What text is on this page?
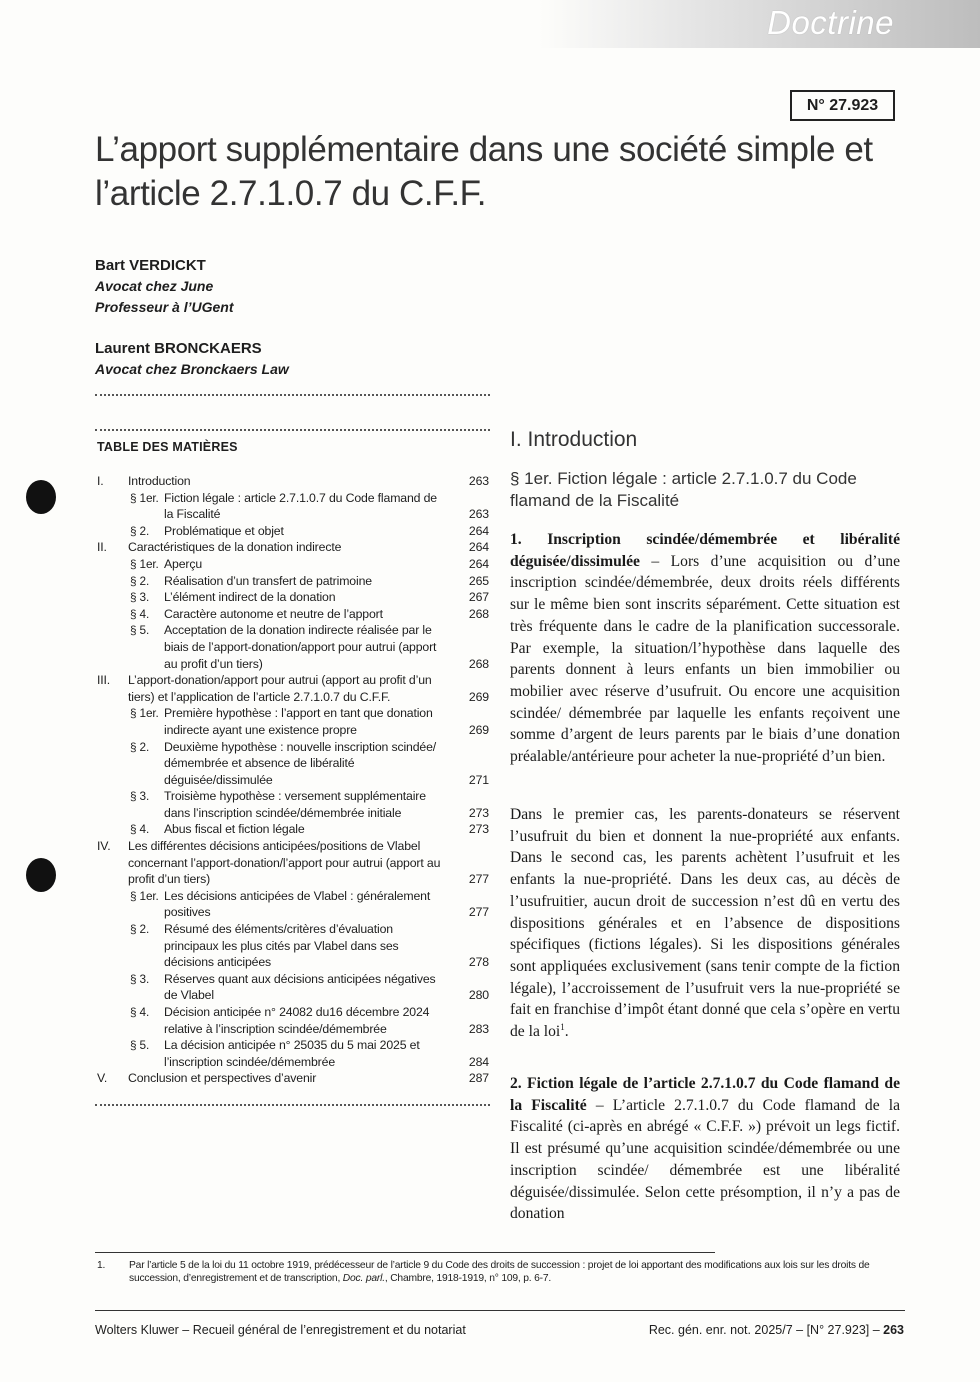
Doctrine
N° 27.923
L’apport supplémentaire dans une société simple et l’article 2.7.1.0.7 du C.F.F.
Bart VERDICKT
Avocat chez June
Professeur à l’UGent
Laurent BRONCKAERS
Avocat chez Bronckaers Law
TABLE DES MATIÈRES
I.	Introduction	263
§ 1er. Fiction légale : article 2.7.1.0.7 du Code flamand de la Fiscalité	263
§ 2.	Problématique et objet	264
II.	Caractéristiques de la donation indirecte	264
§ 1er. Aperçu	264
§ 2.	Réalisation d’un transfert de patrimoine	265
§ 3.	L’élément indirect de la donation	267
§ 4.	Caractère autonome et neutre de l’apport	268
§ 5.	Acceptation de la donation indirecte réalisée par le biais de l’apport-donation/apport pour autrui (apport au profit d’un tiers)	268
III.	L’apport-donation/apport pour autrui (apport au profit d’un tiers) et l’application de l’article 2.7.1.0.7 du C.F.F.	269
§ 1er. Première hypothèse : l’apport en tant que donation indirecte ayant une existence propre	269
§ 2.	Deuxième hypothèse : nouvelle inscription scindée/ démembrée et absence de libéralité déguisée/dissimulée	271
§ 3.	Troisième hypothèse : versement supplémentaire dans l’inscription scindée/démembrée initiale	273
§ 4.	Abus fiscal et fiction légale	273
IV.	Les différentes décisions anticipées/positions de Vlabel concernant l’apport-donation/l’apport pour autrui (apport au profit d’un tiers)	277
§ 1er. Les décisions anticipées de Vlabel : généralement positives	277
§ 2.	Résumé des éléments/critères d’évaluation principaux les plus cités par Vlabel dans ses décisions anticipées	278
§ 3.	Réserves quant aux décisions anticipées négatives de Vlabel	280
§ 4.	Décision anticipée n° 24082 du16 décembre 2024 relative à l’inscription scindée/démembrée	283
§ 5.	La décision anticipée n° 25035 du 5 mai 2025 et l’inscription scindée/démembrée	284
V.	Conclusion et perspectives d’avenir	287
I. Introduction
§ 1er. Fiction légale : article 2.7.1.0.7 du Code flamand de la Fiscalité

1. Inscription scindée/démembrée et libéralité déguisée/dissimulée – Lors d’une acquisition ou d’une inscription scindée/démembrée, deux droits réels différents sur le même bien sont inscrits séparément. Cette situation est très fréquente dans le cadre de la planification successorale. Par exemple, la situation/l’hypothèse dans laquelle des parents donnent à leurs enfants un bien immobilier ou mobilier avec réserve d’usufruit. Ou encore une acquisition scindée/ démembrée par laquelle les enfants reçoivent une somme d’argent de leurs parents par le biais d’une donation préalable/antérieure pour acheter la nue-propriété d’un bien.

Dans le premier cas, les parents-donateurs se réservent l’usufruit du bien et donnent la nue-propriété aux enfants. Dans le second cas, les parents achètent l’usufruit et les enfants la nue-propriété. Dans les deux cas, au décès de l’usufruitier, aucun droit de succession n’est dû en vertu des dispositions générales et en l’absence de dispositions spécifiques (fictions légales). Si les dispositions générales sont appliquées exclusivement (sans tenir compte de la fiction légale), l’accroissement de l’usufruit vers la nue-propriété se fait en franchise d’impôt étant donné que cela s’opère en vertu de la loi$^1$.

2. Fiction légale de l’article 2.7.1.0.7 du Code flamand de la Fiscalité – L’article 2.7.1.0.7 du Code flamand de la Fiscalité (ci-après en abrégé « C.F.F. ») prévoit un legs fictif. Il est présumé qu’une acquisition scindée/démembrée ou une inscription scindée/ démembrée est une libéralité déguisée/dissimulée. Selon cette présomption, il n’y a pas de donation

1.	Par l’article 5 de la loi du 11 octobre 1919, prédécesseur de l’article 9 du Code des droits de succession : projet de loi apportant des modifications aux lois sur les droits de succession, d’enregistrement et de transcription, Doc. parl., Chambre, 1918-1919, n° 109, p. 6-7.
Wolters Kluwer – Recueil général de l’enregistrement et du notariat	Rec. gén. enr. not. 2025/7 – [N° 27.923] – 263
